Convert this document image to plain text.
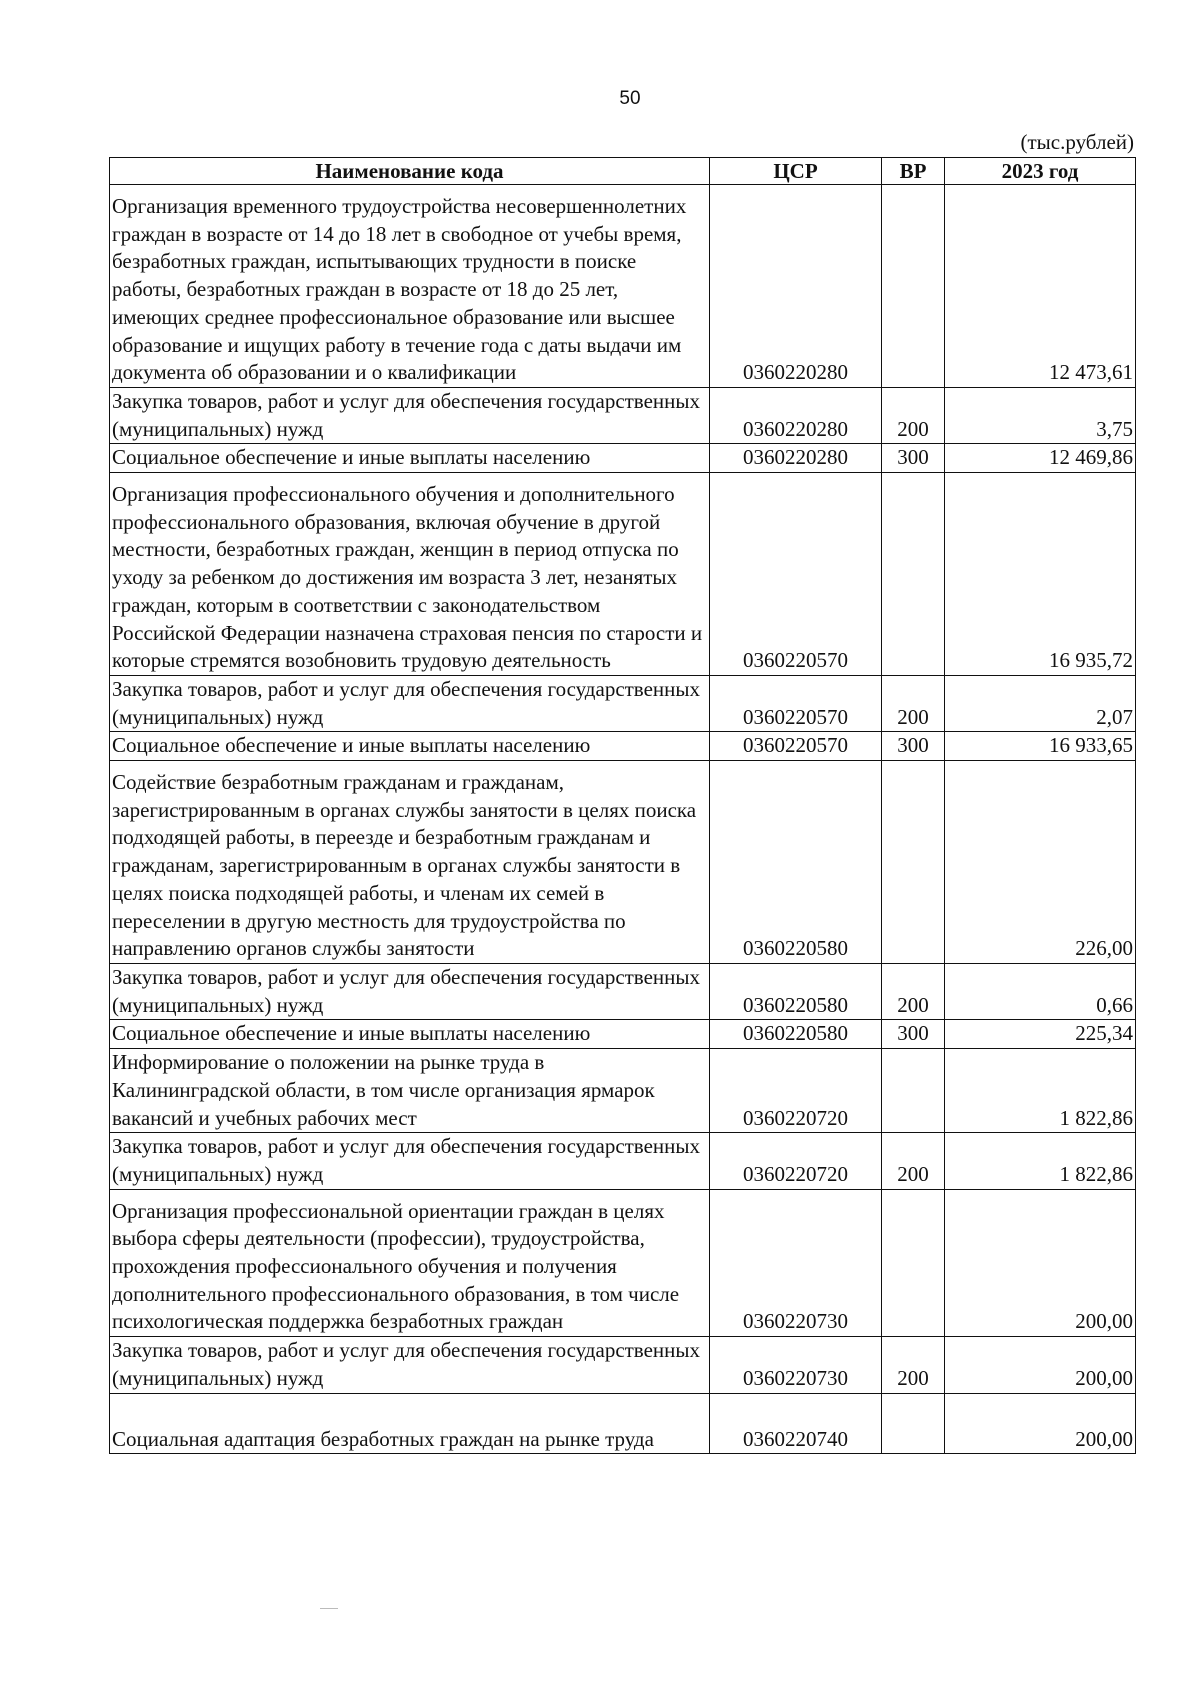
50
(тыс.рублей)
Наименование кода	ЦСР	ВР	2023 год

Организация временного трудоустройства несовершеннолетних граждан в возрасте от 14 до 18 лет в свободное от учебы время, безработных граждан, испытывающих трудности в поиске работы, безработных граждан в возрасте от 18 до 25 лет, имеющих среднее профессиональное образование или высшее образование и ищущих работу в течение года с даты выдачи им документа об образовании и о квалификации	0360220280		12 473,61
Закупка товаров, работ и услуг для обеспечения государственных (муниципальных) нужд	0360220280	200	3,75
Социальное обеспечение и иные выплаты населению	0360220280	300	12 469,86

Организация профессионального обучения и дополнительного профессионального образования, включая обучение в другой местности, безработных граждан, женщин в период отпуска по уходу за ребенком до достижения им возраста 3 лет, незанятых граждан, которым в соответствии с законодательством Российской Федерации назначена страховая пенсия по старости и которые стремятся возобновить трудовую деятельность	0360220570		16 935,72
Закупка товаров, работ и услуг для обеспечения государственных (муниципальных) нужд	0360220570	200	2,07
Социальное обеспечение и иные выплаты населению	0360220570	300	16 933,65

Содействие безработным гражданам и гражданам, зарегистрированным в органах службы занятости в целях поиска подходящей работы, в переезде и безработным гражданам и гражданам, зарегистрированным в органах службы занятости в целях поиска подходящей работы, и членам их семей в переселении в другую местность для трудоустройства по направлению органов службы занятости	0360220580		226,00
Закупка товаров, работ и услуг для обеспечения государственных (муниципальных) нужд	0360220580	200	0,66
Социальное обеспечение и иные выплаты населению	0360220580	300	225,34
Информирование о положении на рынке труда в Калининградской области, в том числе организация ярмарок вакансий и учебных рабочих мест	0360220720		1 822,86
Закупка товаров, работ и услуг для обеспечения государственных (муниципальных) нужд	0360220720	200	1 822,86

Организация профессиональной ориентации граждан в целях выбора сферы деятельности (профессии), трудоустройства, прохождения профессионального обучения и получения дополнительного профессионального образования, в том числе психологическая поддержка безработных граждан	0360220730		200,00
Закупка товаров, работ и услуг для обеспечения государственных (муниципальных) нужд	0360220730	200	200,00

Социальная адаптация безработных граждан на рынке труда	0360220740		200,00
